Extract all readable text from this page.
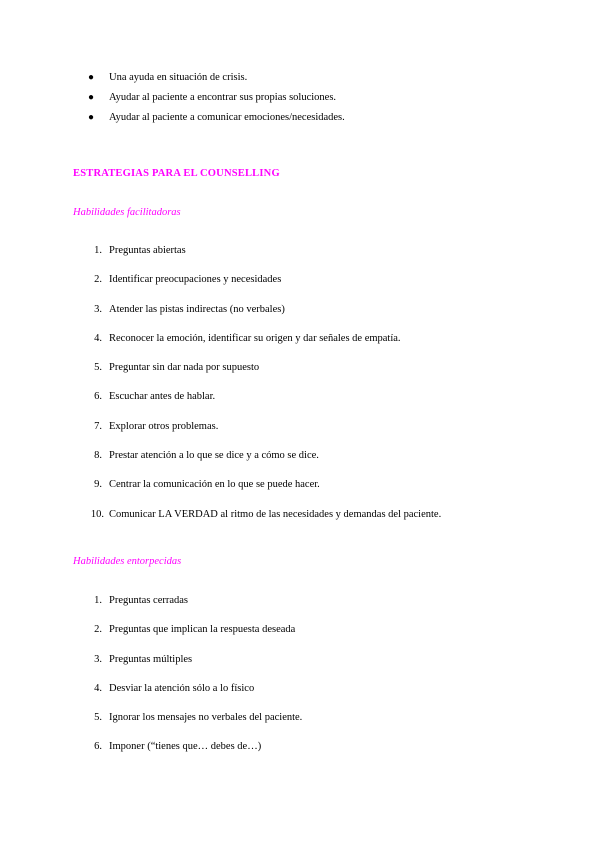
● Una ayuda en situación de crisis.
● Ayudar al paciente a encontrar sus propias soluciones.
● Ayudar al paciente a comunicar emociones/necesidades.
ESTRATEGIAS PARA EL COUNSELLING
Habilidades facilitadoras
1. Preguntas abiertas
2. Identificar preocupaciones y necesidades
3. Atender las pistas indirectas (no verbales)
4. Reconocer la emoción, identificar su origen y dar señales de empatía.
5. Preguntar sin dar nada por supuesto
6. Escuchar antes de hablar.
7. Explorar otros problemas.
8. Prestar atención a lo que se dice y a cómo se dice.
9. Centrar la comunicación en lo que se puede hacer.
10. Comunicar LA VERDAD al ritmo de las necesidades y demandas del paciente.
Habilidades entorpecidas
1. Preguntas cerradas
2. Preguntas que implican la respuesta deseada
3. Preguntas múltiples
4. Desviar la atención sólo a lo físico
5. Ignorar los mensajes no verbales del paciente.
6. Imponer (“tienes que… debes de…)
